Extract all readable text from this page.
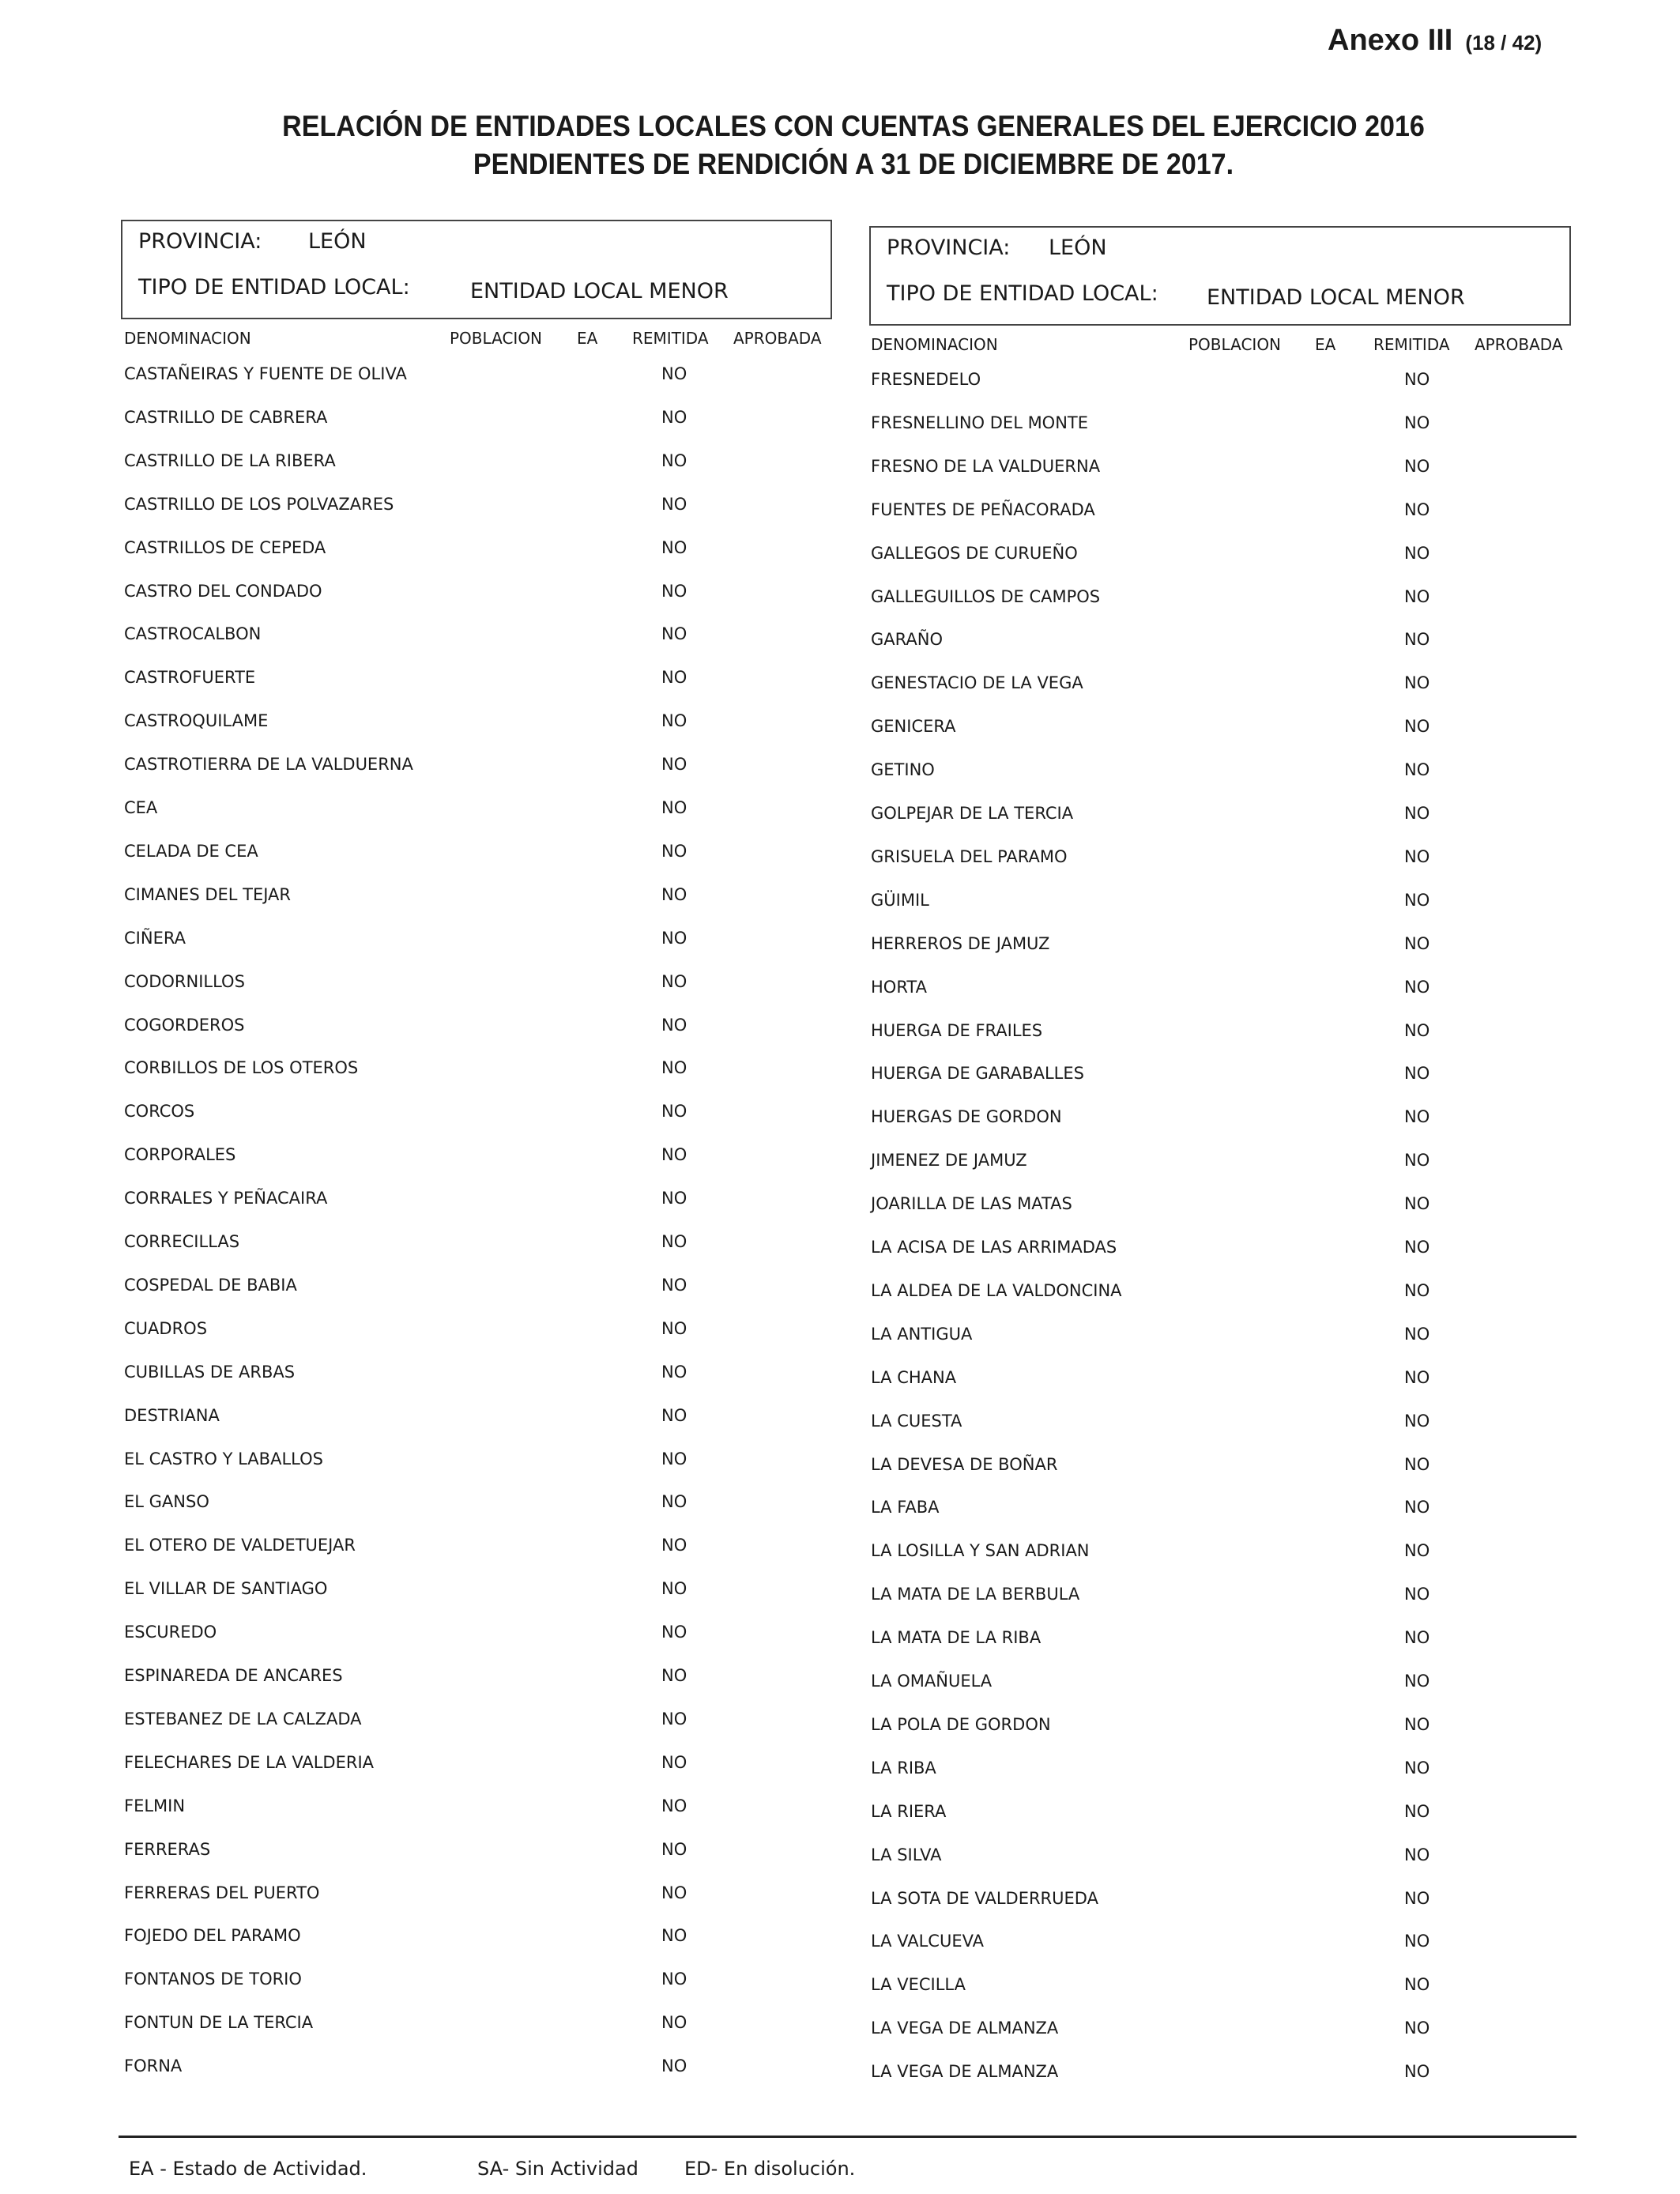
Anexo III (18 / 42)
RELACIÓN DE ENTIDADES LOCALES CON CUENTAS GENERALES DEL EJERCICIO 2016 PENDIENTES DE RENDICIÓN A 31 DE DICIEMBRE DE 2017.
PROVINCIA: LEÓN
TIPO DE ENTIDAD LOCAL:	ENTIDAD LOCAL MENOR
PROVINCIA: LEÓN
TIPO DE ENTIDAD LOCAL: ENTIDAD LOCAL MENOR
DENOMINACION	POBLACION EA REMITIDA APROBADA	DENOMINACION	POBLACION EA REMITIDA APROBADA
CASTAÑEIRAS Y FUENTE DE OLIVA	NO
CASTRILLO DE CABRERA	NO
CASTRILLO DE LA RIBERA	NO
CASTRILLO DE LOS POLVAZARES	NO
CASTRILLOS DE CEPEDA	NO
CASTRO DEL CONDADO	NO
CASTROCALBON	NO
CASTROFUERTE	NO
CASTROQUILAME	NO
CASTROTIERRA DE LA VALDUERNA	NO
CEA	NO
CELADA DE CEA	NO
CIMANES DEL TEJAR	NO
CIÑERA	NO
CODORNILLOS	NO
COGORDEROS	NO
CORBILLOS DE LOS OTEROS	NO
CORCOS	NO
CORPORALES	NO
CORRALES Y PEÑACAIRA	NO
CORRECILLAS	NO
COSPEDAL DE BABIA	NO
CUADROS	NO
CUBILLAS DE ARBAS	NO
DESTRIANA	NO
EL CASTRO Y LABALLOS	NO
EL GANSO	NO
EL OTERO DE VALDETUEJAR	NO
EL VILLAR DE SANTIAGO	NO
ESCUREDO	NO
ESPINAREDA DE ANCARES	NO
ESTEBANEZ DE LA CALZADA	NO
FELECHARES DE LA VALDERIA	NO
FELMIN	NO
FERRERAS	NO
FERRERAS DEL PUERTO	NO
FOJEDO DEL PARAMO	NO
FONTANOS DE TORIO	NO
FONTUN DE LA TERCIA	NO
FORNA	NO
FRESNEDELO	NO
FRESNELLINO DEL MONTE	NO
FRESNO DE LA VALDUERNA	NO
FUENTES DE PEÑACORADA	NO
GALLEGOS DE CURUEÑO	NO
GALLEGUILLOS DE CAMPOS	NO
GARAÑO	NO
GENESTACIO DE LA VEGA	NO
GENICERA	NO
GETINO	NO
GOLPEJAR DE LA TERCIA	NO
GRISUELA DEL PARAMO	NO
GÜIMIL	NO
HERREROS DE JAMUZ	NO
HORTA	NO
HUERGA DE FRAILES	NO
HUERGA DE GARABALLES	NO
HUERGAS DE GORDON	NO
JIMENEZ DE JAMUZ	NO
JOARILLA DE LAS MATAS	NO
LA ACISA DE LAS ARRIMADAS	NO
LA ALDEA DE LA VALDONCINA	NO
LA ANTIGUA	NO
LA CHANA	NO
LA CUESTA	NO
LA DEVESA DE BOÑAR	NO
LA FABA	NO
LA LOSILLA Y SAN ADRIAN	NO
LA MATA DE LA BERBULA	NO
LA MATA DE LA RIBA	NO
LA OMAÑUELA	NO
LA POLA DE GORDON	NO
LA RIBA	NO
LA RIERA	NO
LA SILVA	NO
LA SOTA DE VALDERRUEDA	NO
LA VALCUEVA	NO
LA VECILLA	NO
LA VEGA DE ALMANZA	NO
LA VEGA DE ALMANZA	NO
EA - Estado de Actividad.	SA- Sin Actividad ED- En disolución.
